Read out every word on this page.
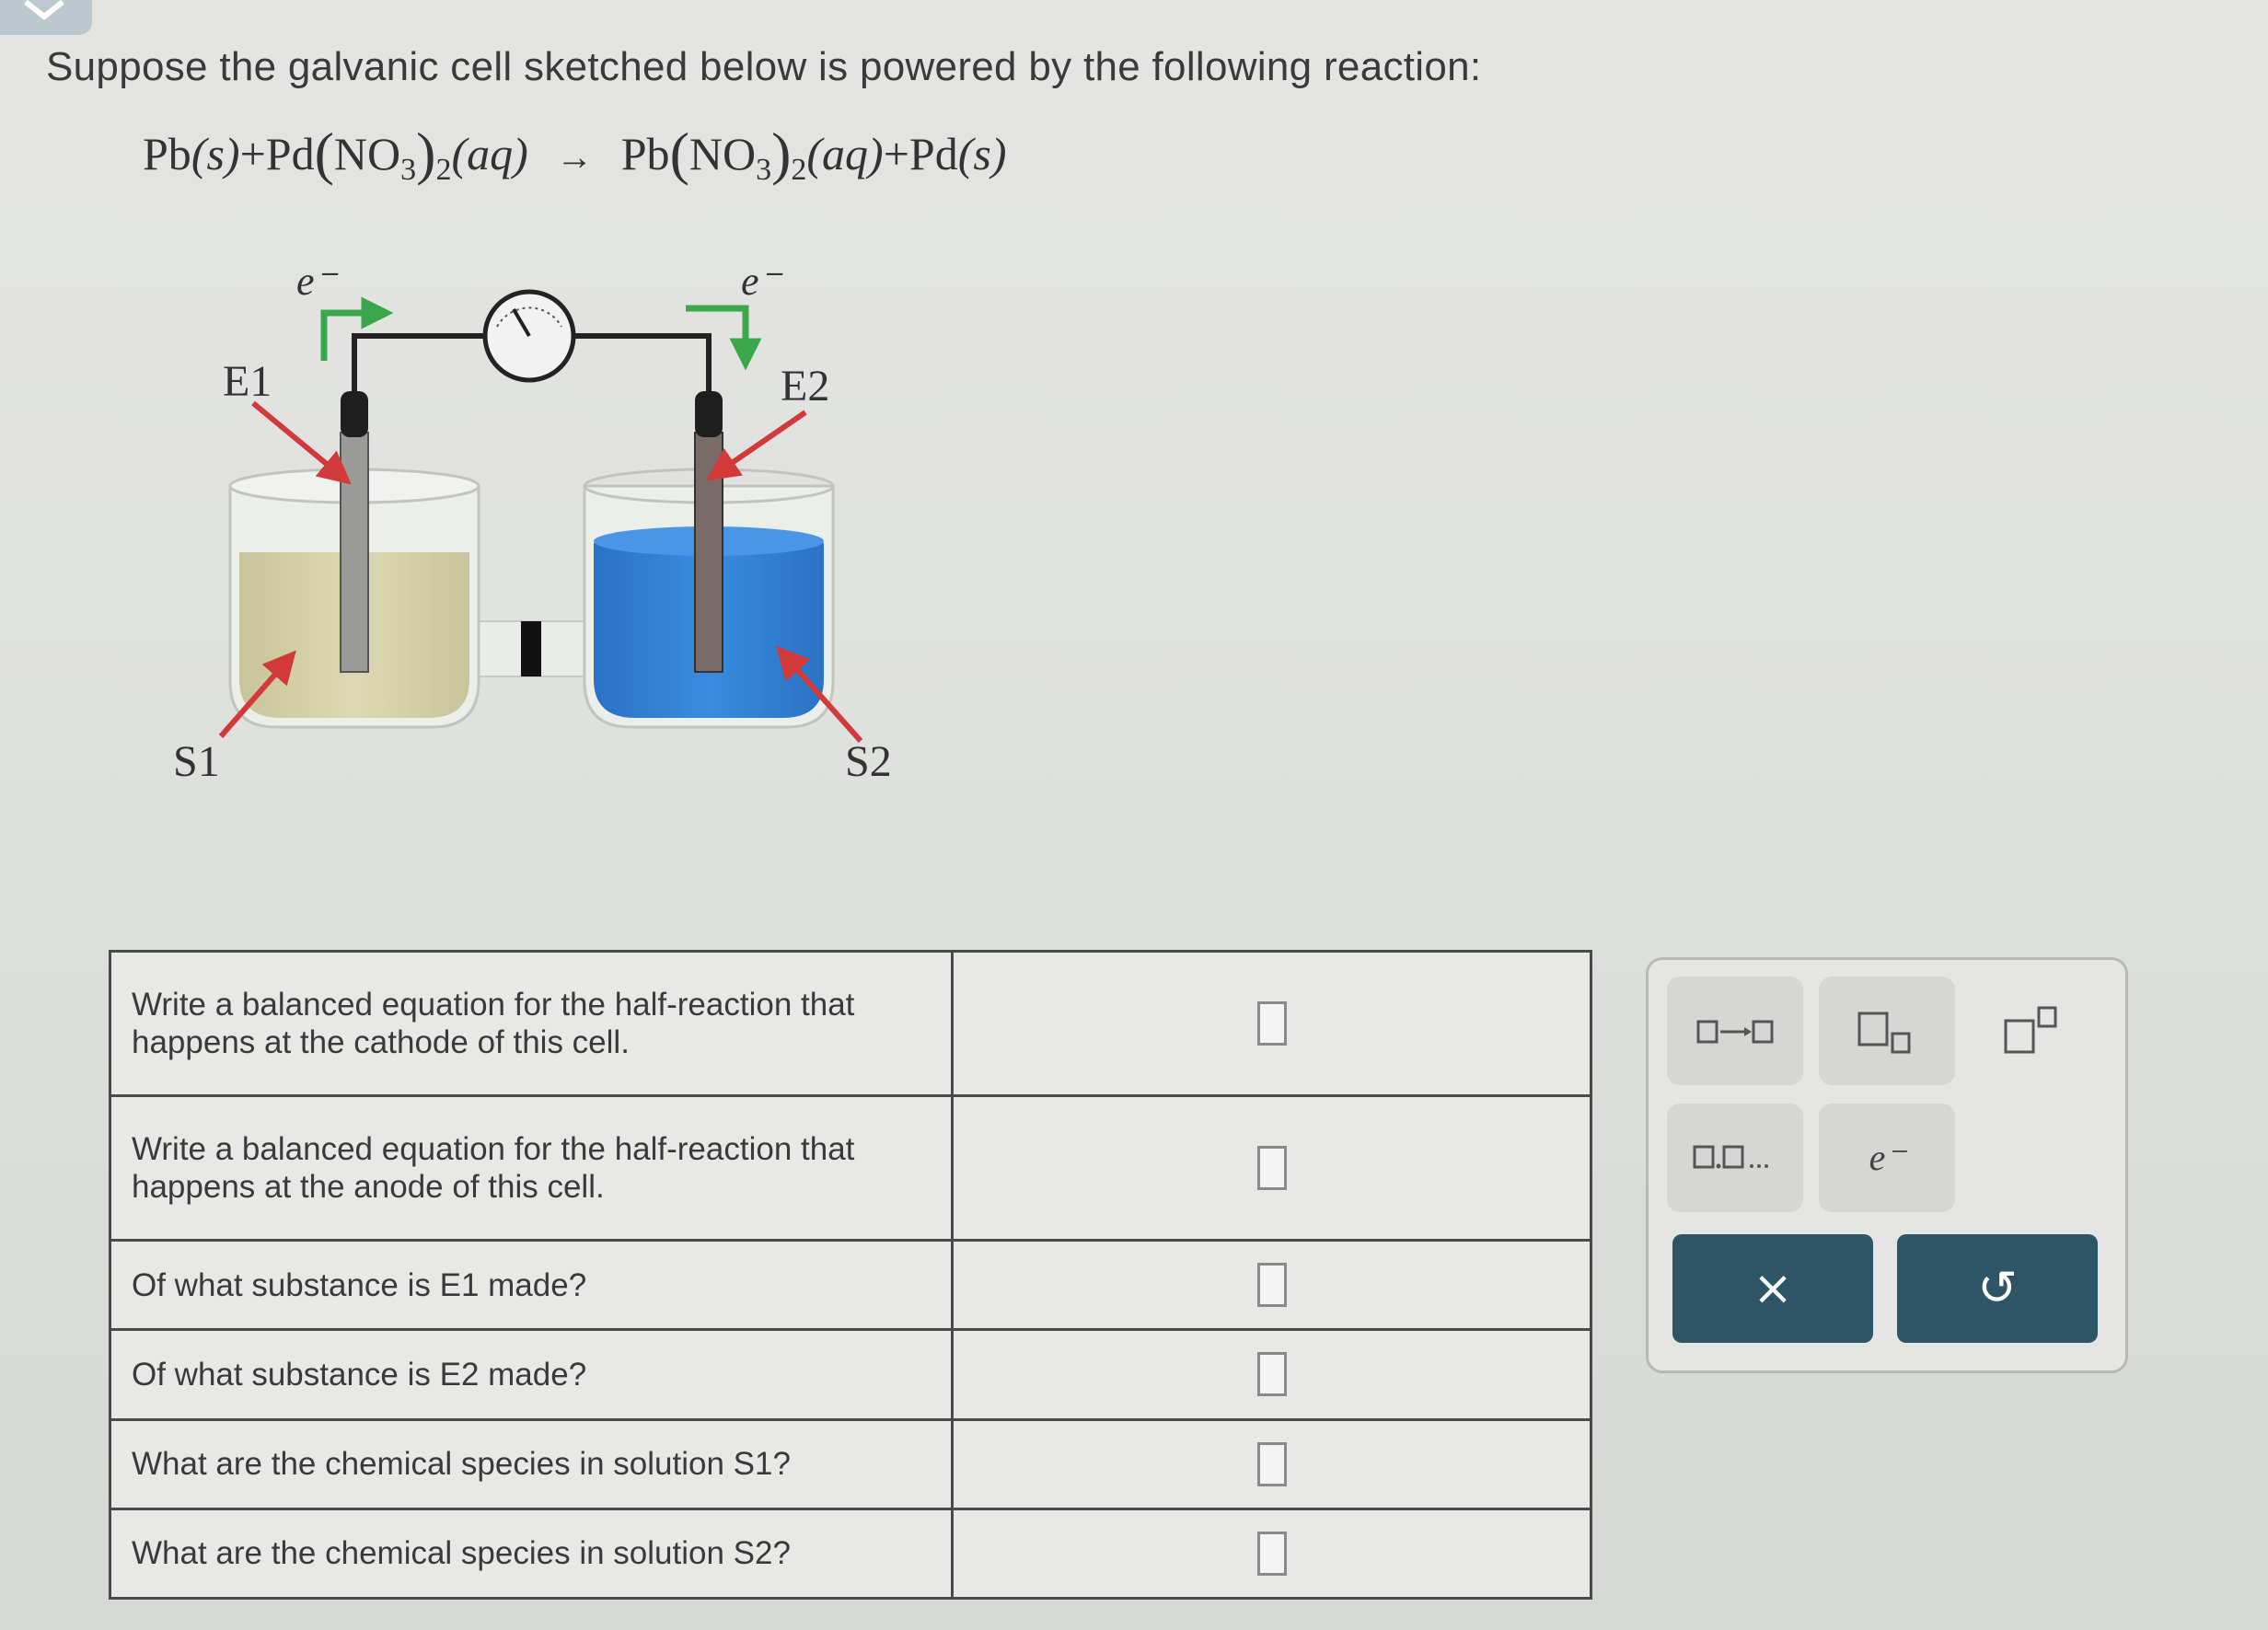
Suppose the galvanic cell sketched below is powered by the following reaction:
$Pb(s)+Pd(NO_3)_2(aq) \to Pb(NO_3)_2(aq)+Pd(s)$
e⁻	e⁻
E1	E2
S1	S2
Write a balanced equation for the half-reaction that happens at the cathode of this cell.	
Write a balanced equation for the half-reaction that happens at the anode of this cell.	
Of what substance is E1 made?	
Of what substance is E2 made?	
What are the chemical species in solution S1?	
What are the chemical species in solution S2?	
e⁻
×	↺
